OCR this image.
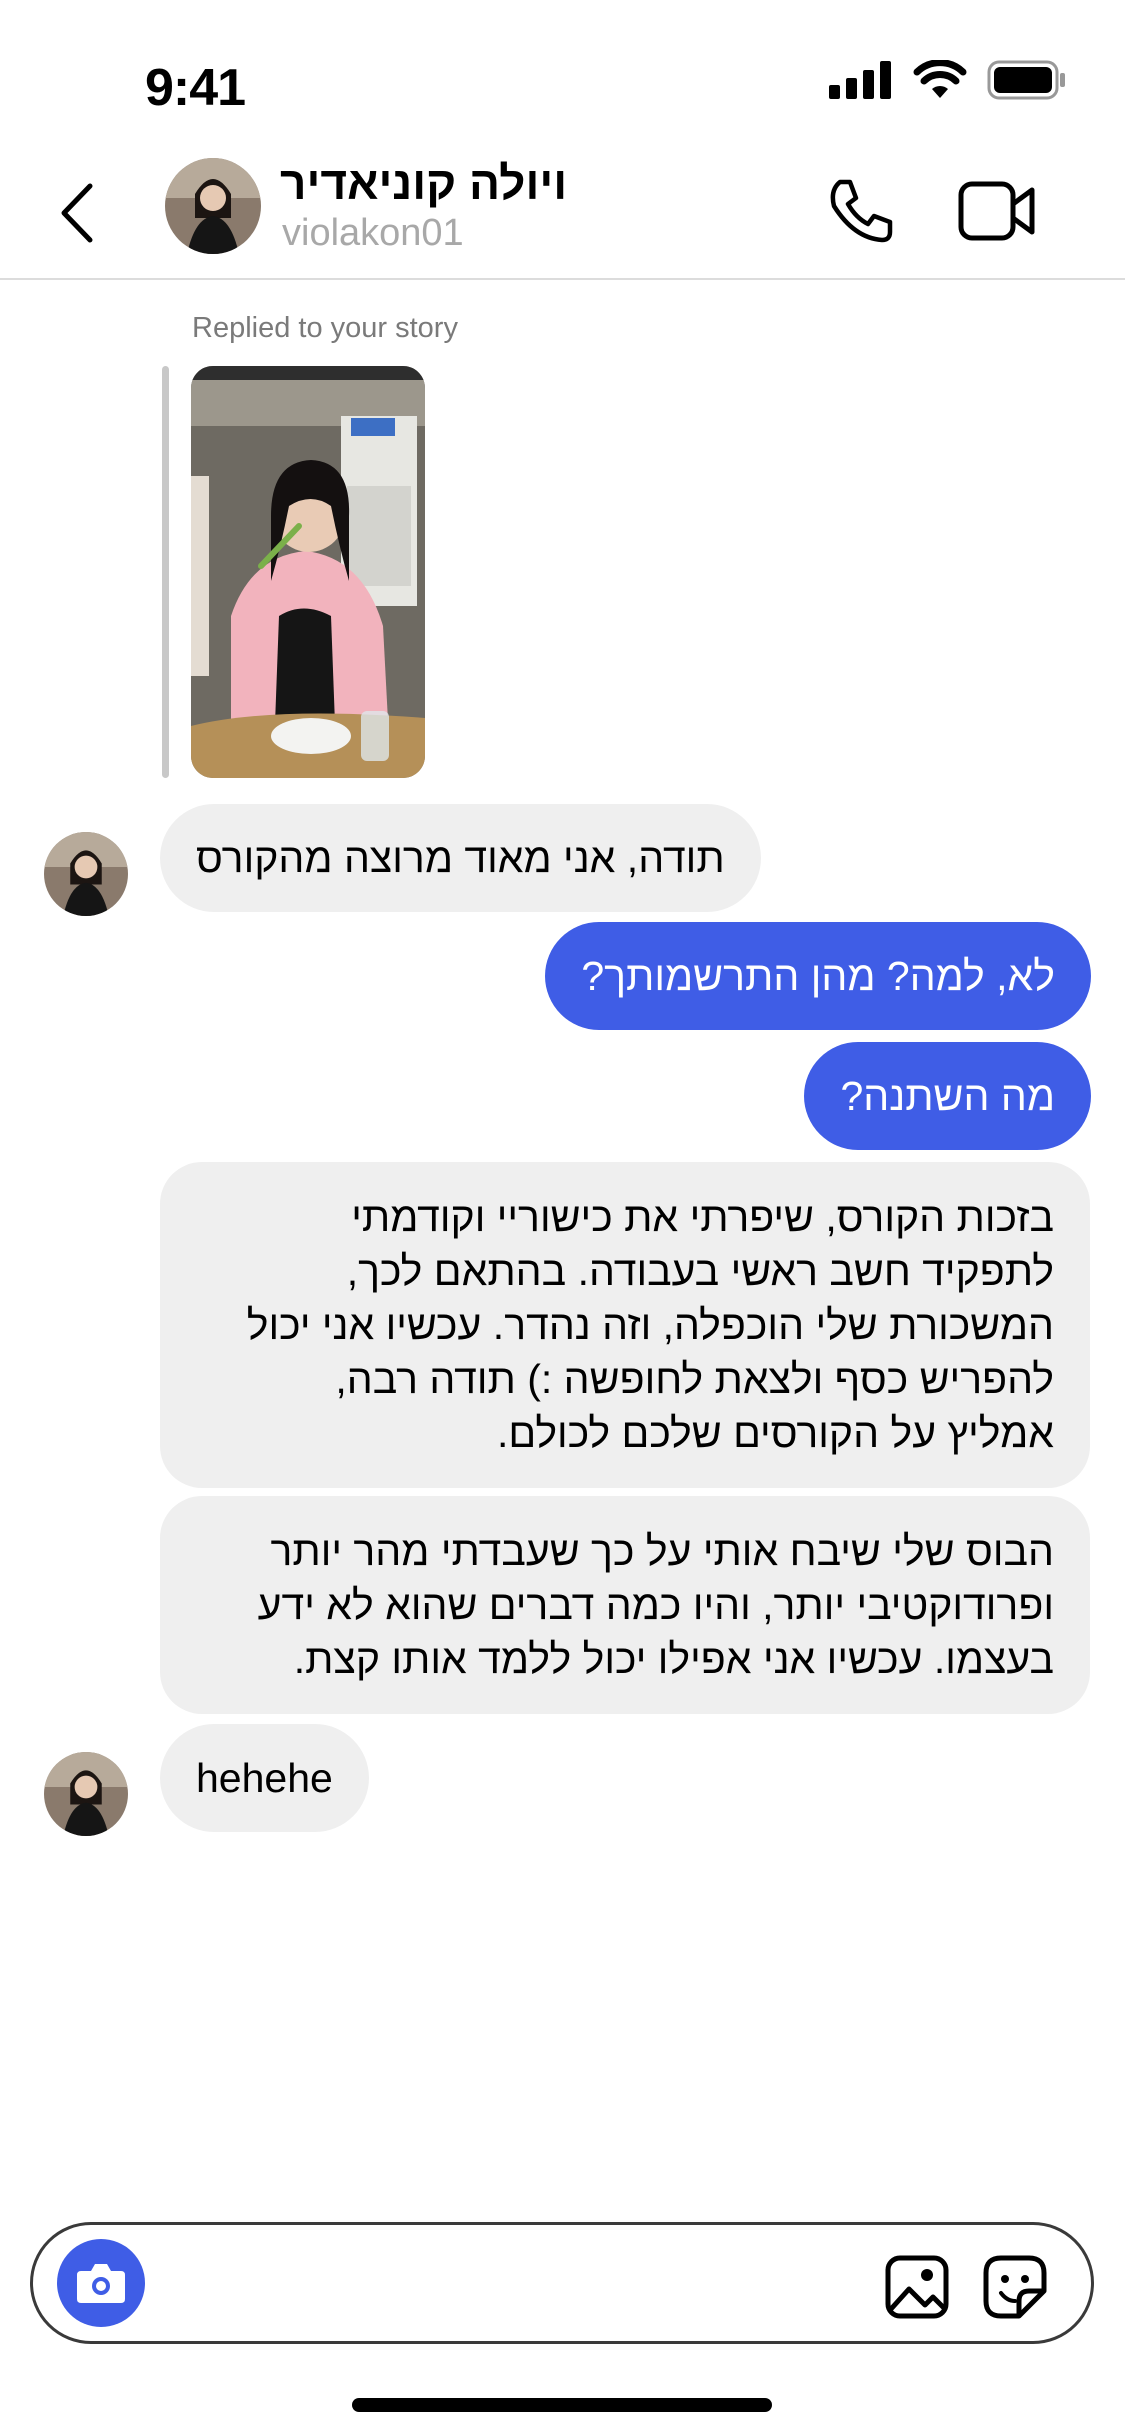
9:41
ויולה קוניאדיר
violakon01
Replied to your story
תודה, אני מאוד מרוצה מהקורס
לא, למה? מהן התרשמותך?
מה השתנה?
בזכות הקורס, שיפרתי את כישוריי וקודמתי
לתפקיד חשב ראשי בעבודה. בהתאם לכך,
המשכורת שלי הוכפלה, וזה נהדר. עכשיו אני יכול
להפריש כסף ולצאת לחופשה :) תודה רבה,
אמליץ על הקורסים שלכם לכולם.
הבוס שלי שיבח אותי על כך שעבדתי מהר יותר
ופרודוקטיבי יותר, והיו כמה דברים שהוא לא ידע
בעצמו. עכשיו אני אפילו יכול ללמד אותו קצת.
hehehe
